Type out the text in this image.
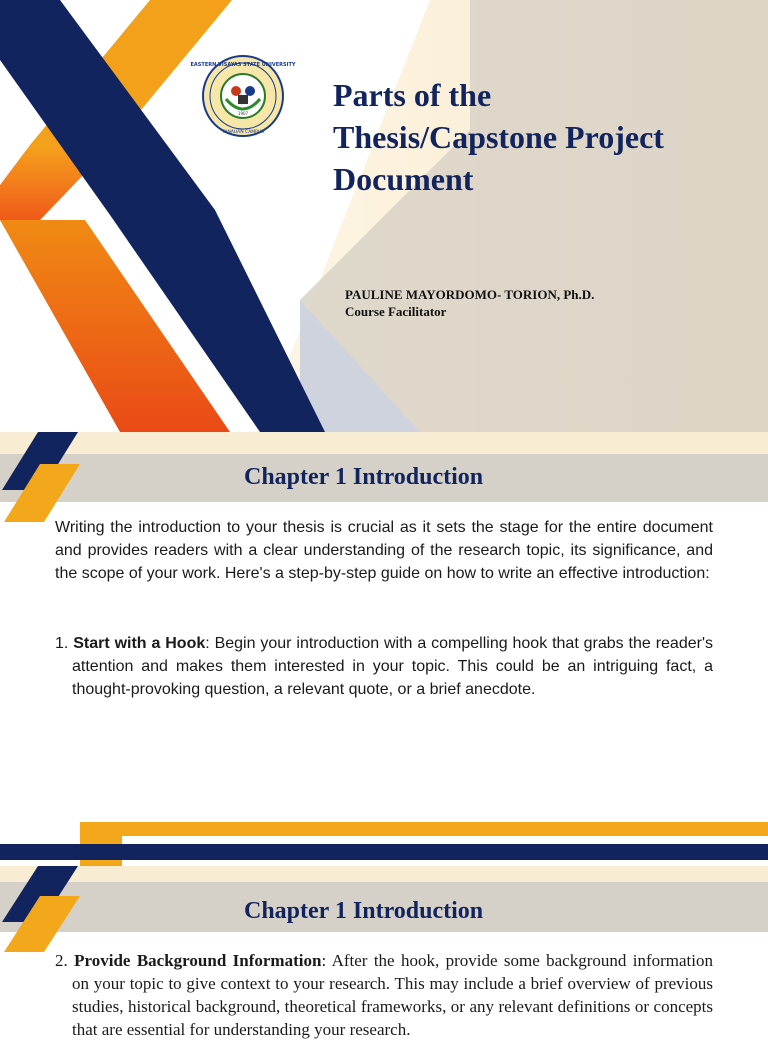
EASTERN VISAYAS STATE UNIVERSITY
TANAUAN CAMPUS
1907
Parts of the
Thesis/Capstone Project
Document
PAULINE MAYORDOMO- TORION, Ph.D.
Course Facilitator
Chapter 1 Introduction
Writing the introduction to your thesis is crucial as it sets the stage for the entire document and provides readers with a clear understanding of the research topic, its significance, and the scope of your work. Here's a step-by-step guide on how to write an effective introduction:
1. Start with a Hook: Begin your introduction with a compelling hook that grabs the reader's attention and makes them interested in your topic. This could be an intriguing fact, a thought-provoking question, a relevant quote, or a brief anecdote.
Chapter 1 Introduction
2. Provide Background Information: After the hook, provide some background information on your topic to give context to your research. This may include a brief overview of previous studies, historical background, theoretical frameworks, or any relevant definitions or concepts that are essential for understanding your research.
